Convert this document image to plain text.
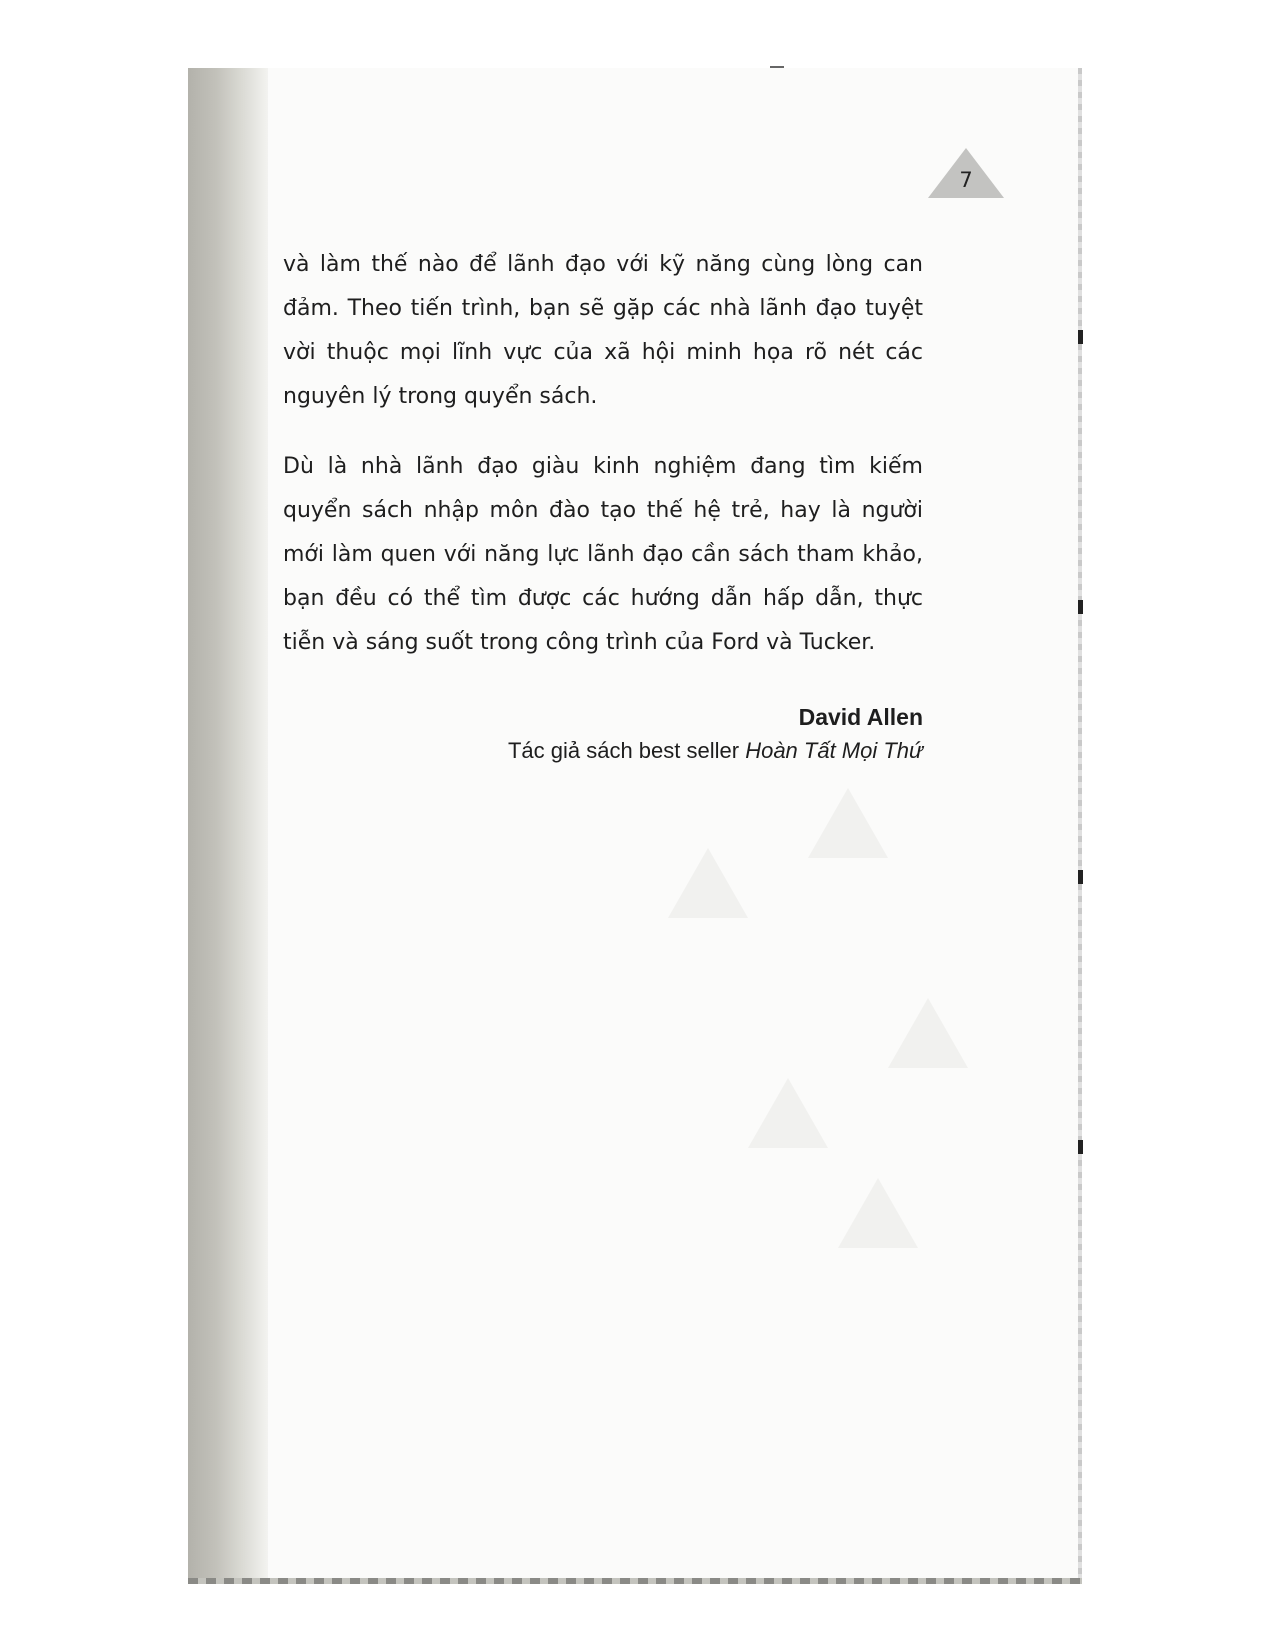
7

và làm thế nào để lãnh đạo với kỹ năng cùng lòng can đảm. Theo tiến trình, bạn sẽ gặp các nhà lãnh đạo tuyệt vời thuộc mọi lĩnh vực của xã hội minh họa rõ nét các nguyên lý trong quyển sách.

Dù là nhà lãnh đạo giàu kinh nghiệm đang tìm kiếm quyển sách nhập môn đào tạo thế hệ trẻ, hay là người mới làm quen với năng lực lãnh đạo cần sách tham khảo, bạn đều có thể tìm được các hướng dẫn hấp dẫn, thực tiễn và sáng suốt trong công trình của Ford và Tucker.

David Allen
Tác giả sách best seller Hoàn Tất Mọi Thứ
